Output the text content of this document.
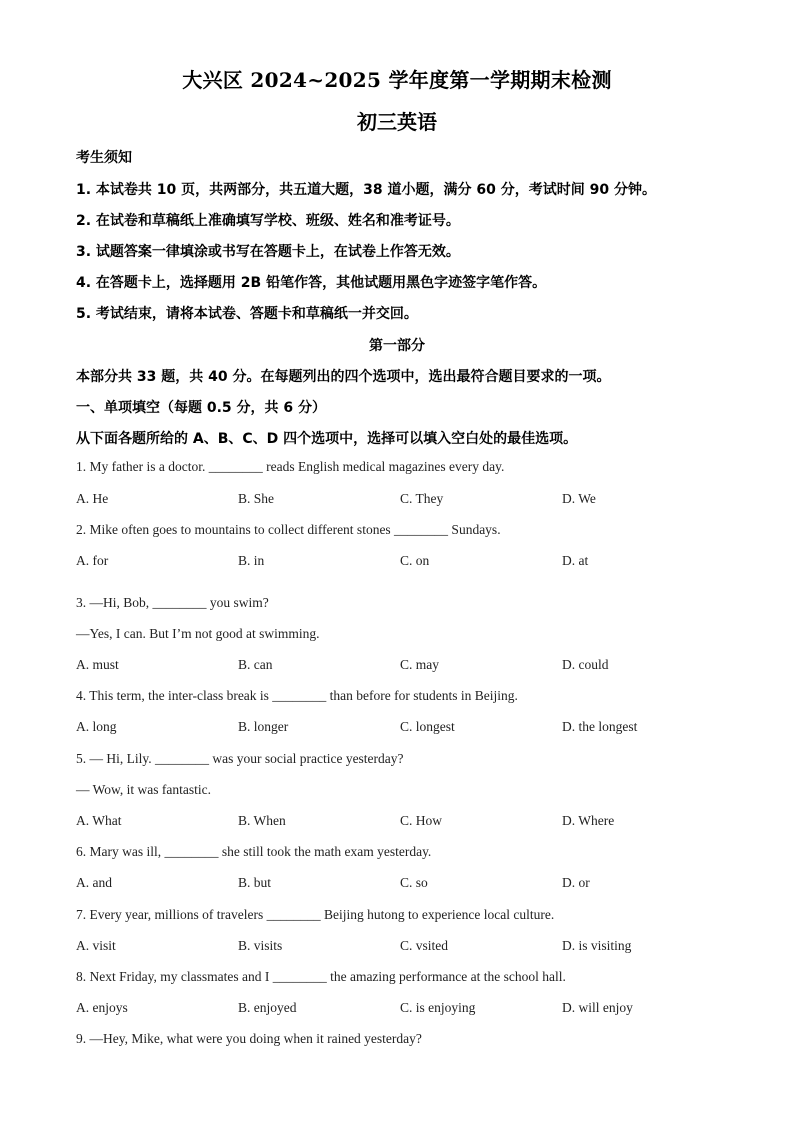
大兴区 2024~2025 学年度第一学期期末检测
初三英语
考生须知
1. 本试卷共 10 页，共两部分，共五道大题，38 道小题，满分 60 分，考试时间 90 分钟。
2. 在试卷和草稿纸上准确填写学校、班级、姓名和准考证号。
3. 试题答案一律填涂或书写在答题卡上，在试卷上作答无效。
4. 在答题卡上，选择题用 2B 铅笔作答，其他试题用黑色字迹签字笔作答。
5. 考试结束，请将本试卷、答题卡和草稿纸一并交回。
第一部分
本部分共 33 题，共 40 分。在每题列出的四个选项中，选出最符合题目要求的一项。
一、单项填空（每题 0.5 分，共 6 分）
从下面各题所给的 A、B、C、D 四个选项中，选择可以填入空白处的最佳选项。
1. My father is a doctor. ________ reads English medical magazines every day.
A. He	B. She	C. They	D. We
2. Mike often goes to mountains to collect different stones ________ Sundays.
A. for	B. in	C. on	D. at
3. —Hi, Bob, ________ you swim?
—Yes, I can. But I’m not good at swimming.
A. must	B. can	C. may	D. could
4. This term, the inter-class break is ________ than before for students in Beijing.
A. long	B. longer	C. longest	D. the longest
5. — Hi, Lily. ________ was your social practice yesterday?
— Wow, it was fantastic.
A. What	B. When	C. How	D. Where
6. Mary was ill, ________ she still took the math exam yesterday.
A. and	B. but	C. so	D. or
7. Every year, millions of travelers ________ Beijing hutong to experience local culture.
A. visit	B. visits	C. vsited	D. is visiting
8. Next Friday, my classmates and I ________ the amazing performance at the school hall.
A. enjoys	B. enjoyed	C. is enjoying	D. will enjoy
9. —Hey, Mike, what were you doing when it rained yesterday?
